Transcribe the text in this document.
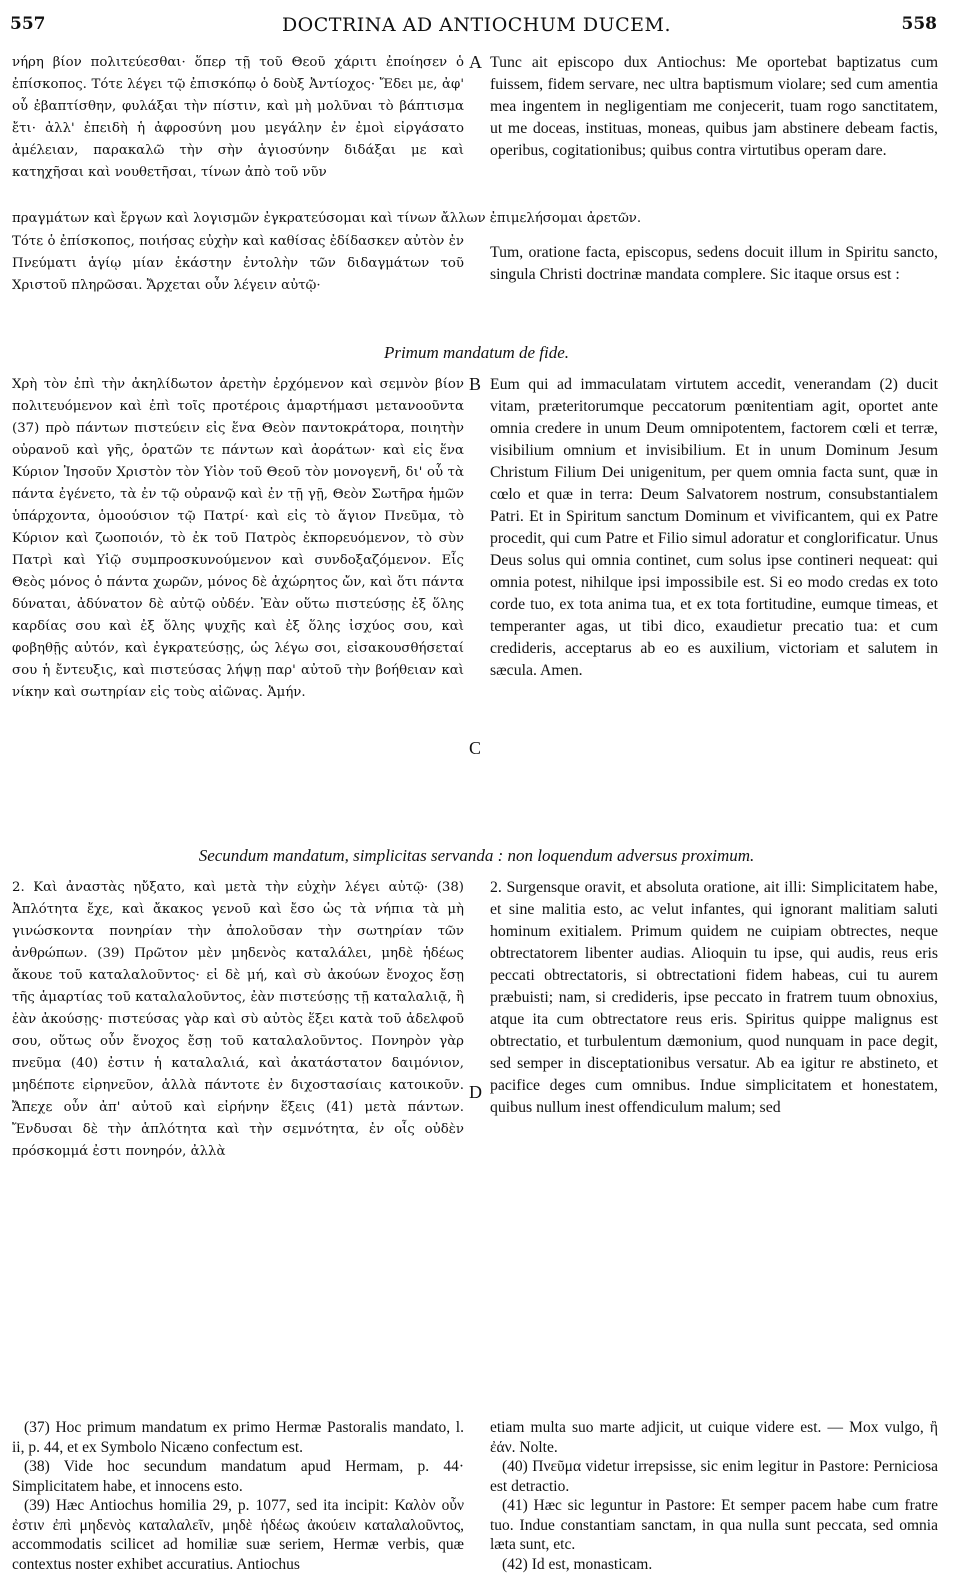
557	DOCTRINA AD ANTIOCHUM DUCEM.	558
νήρη βίον πολιτεύεσθαι· ὅπερ τῇ τοῦ Θεοῦ χάριτι ἐποίησεν ὁ ἐπίσκοπος. Τότε λέγει τῷ ἐπισκόπῳ ὁ δοὺξ Ἀντίοχος· Ἔδει με, ἀφ' οὗ ἐβαπτίσθην, φυλάξαι τὴν πίστιν, καὶ μὴ μολῦναι τὸ βάπτισμα ἔτι· ἀλλ' ἐπειδὴ ἡ ἀφροσύνη μου μεγάλην ἐν ἐμοὶ εἰργάσατο ἀμέλειαν, παρακαλῶ τὴν σὴν ἁγιοσύνην διδάξαι με καὶ κατηχῆσαι καὶ νουθετῆσαι, τίνων ἀπὸ τοῦ νῦν
A Tunc ait episcopo dux Antiochus: Me oportebat baptizatus cum fuissem, fidem servare, nec ultra baptismum violare; sed cum amentia mea ingentem in negligentiam me conjecerit, tuam rogo sanctitatem, ut me doceas, instituas, moneas, quibus jam abstinere debeam factis, operibus, cogitationibus; quibus contra virtutibus operam dare.
πραγμάτων καὶ ἔργων καὶ λογισμῶν ἐγκρατεύσομαι καὶ τίνων ἄλλων ἐπιμελήσομαι ἀρετῶν.
Τότε ὁ ἐπίσκοπος, ποιήσας εὐχὴν καὶ καθίσας ἐδίδασκεν αὐτὸν ἐν Πνεύματι ἁγίῳ μίαν ἑκάστην ἐντολὴν τῶν διδαγμάτων τοῦ Χριστοῦ πληρῶσαι. Ἄρχεται οὖν λέγειν αὐτῷ·
Tum, oratione facta, episcopus, sedens docuit illum in Spiritu sancto, singula Christi doctrinæ mandata complere. Sic itaque orsus est :
Primum mandatum de fide.
Χρὴ τὸν ἐπὶ τὴν ἀκηλίδωτον ἀρετὴν ἐρχόμενον καὶ σεμνὸν βίον πολιτευόμενον καὶ ἐπὶ τοῖς προτέροις ἁμαρτήμασι μετανοοῦντα (37) πρὸ πάντων πιστεύειν εἰς ἕνα Θεὸν παντοκράτορα, ποιητὴν οὐρανοῦ καὶ γῆς, ὁρατῶν τε πάντων καὶ ἀοράτων· καὶ εἰς ἕνα Κύριον Ἰησοῦν Χριστὸν τὸν Υἱὸν τοῦ Θεοῦ τὸν μονογενῆ, δι' οὗ τὰ πάντα ἐγένετο, τὰ ἐν τῷ οὐρανῷ καὶ ἐν τῇ γῇ, Θεὸν Σωτῆρα ἡμῶν ὑπάρχοντα, ὁμοούσιον τῷ Πατρί· καὶ εἰς τὸ ἅγιον Πνεῦμα, τὸ Κύριον καὶ ζωοποιόν, τὸ ἐκ τοῦ Πατρὸς ἐκπορευόμενον, τὸ σὺν Πατρὶ καὶ Υἱῷ συμπροσκυνούμενον καὶ συνδοξαζόμενον. Εἷς Θεὸς μόνος ὁ πάντα χωρῶν, μόνος δὲ ἀχώρητος ὤν, καὶ ὅτι πάντα δύναται, ἀδύνατον δὲ αὐτῷ οὐδέν. Ἐὰν οὕτω πιστεύσῃς ἐξ ὅλης καρδίας σου καὶ ἐξ ὅλης ψυχῆς καὶ ἐξ ὅλης ἰσχύος σου, καὶ φοβηθῇς αὐτόν, καὶ ἐγκρατεύσῃς, ὡς λέγω σοι, εἰσακουσθήσεταί σου ἡ ἔντευξις, καὶ πιστεύσας λήψῃ παρ' αὐτοῦ τὴν βοήθειαν καὶ νίκην καὶ σωτηρίαν εἰς τοὺς αἰῶνας. Ἀμήν.
B Eum qui ad immaculatam virtutem accedit, venerandam (2) ducit vitam, præteritorumque peccatorum pœnitentiam agit, oportet ante omnia credere in unum Deum omnipotentem, factorem cœli et terræ, visibilium omnium et invisibilium. Et in unum Dominum Jesum Christum Filium Dei unigenitum, per quem omnia facta sunt, quæ in cœlo et quæ in terra: Deum Salvatorem nostrum, consubstantialem Patri. Et in Spiritum sanctum Dominum et vivificantem, qui ex Patre procedit, qui cum Patre et Filio simul adoratur et conglorificatur. Unus Deus solus qui omnia continet, cum solus ipse contineri nequeat: qui omnia potest, nihilque ipsi impossibile est. Si eo modo credas ex toto corde tuo, ex tota anima tua, et ex tota fortitudine, eumque timeas, et temperanter agas, ut tibi dico, exaudietur precatio tua: et cum credideris, acceptarus ab eo es auxilium, victoriam et salutem in sæcula. Amen.
C
Secundum mandatum, simplicitas servanda : non loquendum adversus proximum.
2. Καὶ ἀναστὰς ηὔξατο, καὶ μετὰ τὴν εὐχὴν λέγει αὐτῷ· (38) Ἀπλότητα ἔχε, καὶ ἄκακος γενοῦ καὶ ἔσο ὡς τὰ νήπια τὰ μὴ γινώσκοντα πονηρίαν τὴν ἀπολοῦσαν τὴν σωτηρίαν τῶν ἀνθρώπων. (39) Πρῶτον μὲν μηδενὸς καταλάλει, μηδὲ ἡδέως ἄκουε τοῦ καταλαλοῦντος· εἰ δὲ μή, καὶ σὺ ἀκούων ἔνοχος ἔσῃ τῆς ἁμαρτίας τοῦ καταλαλοῦντος, ἐὰν πιστεύσῃς τῇ καταλαλιᾷ, ἢ ἐὰν ἀκούσῃς· πιστεύσας γὰρ καὶ σὺ αὐτὸς ἕξει κατὰ τοῦ ἀδελφοῦ σου, οὕτως οὖν ἔνοχος ἔσῃ τοῦ καταλαλοῦντος. Πονηρὸν γὰρ πνεῦμα (40) ἐστιν ἡ καταλαλιά, καὶ ἀκατάστατον δαιμόνιον, μηδέποτε εἰρηνεῦον, ἀλλὰ πάντοτε ἐν διχοστασίαις κατοικοῦν. Ἄπεχε οὖν ἀπ' αὐτοῦ καὶ εἰρήνην ἕξεις (41) μετὰ πάντων. Ἔνδυσαι δὲ τὴν ἁπλότητα καὶ τὴν σεμνότητα, ἐν οἷς οὐδὲν πρόσκομμά ἐστι πονηρόν, ἀλλὰ
D
2. Surgensque oravit, et absoluta oratione, ait illi: Simplicitatem habe, et sine malitia esto, ac velut infantes, qui ignorant malitiam saluti hominum exitialem. Primum quidem ne cuipiam obtrectes, neque obtrectatorem libenter audias. Alioquin tu ipse, qui audis, reus eris peccati obtrectatoris, si obtrectationi fidem habeas, cui tu aurem præbuisti; nam, si credideris, ipse peccato in fratrem tuum obnoxius, atque ita cum obtrectatore reus eris. Spiritus quippe malignus est obtrectatio, et turbulentum dæmonium, quod nunquam in pace degit, sed semper in disceptationibus versatur. Ab ea igitur re abstineto, et pacifice deges cum omnibus. Indue simplicitatem et honestatem, quibus nullum inest offendiculum malum; sed

(37) Hoc primum mandatum ex primo Hermæ Pastoralis mandato, l. ii, p. 44, et ex Symbolo Nicæno confectum est.

(38) Vide hoc secundum mandatum apud Hermam, p. 44· Simplicitatem habe, et innocens esto.

(39) Hæc Antiochus homilia 29, p. 1077, sed ita incipit: Καλὸν οὖν ἐστιν ἐπὶ μηδενὸς καταλαλεῖν, μηδὲ ἡδέως ἀκούειν καταλαλοῦντος, accommodatis scilicet ad homiliæ suæ seriem, Hermæ verbis, quæ contextus noster exhibet accuratius. Antiochus

etiam multa suo marte adjicit, ut cuique videre est. — Mox vulgo, ἢ ἐάν. Nolte.

(40) Πνεῦμα videtur irrepsisse, sic enim legitur in Pastore: Perniciosa est detractio.

(41) Hæc sic leguntur in Pastore: Et semper pacem habe cum fratre tuo. Indue constantiam sanctam, in qua nulla sunt peccata, sed omnia læta sunt, etc.

(42) Id est, monasticam.
